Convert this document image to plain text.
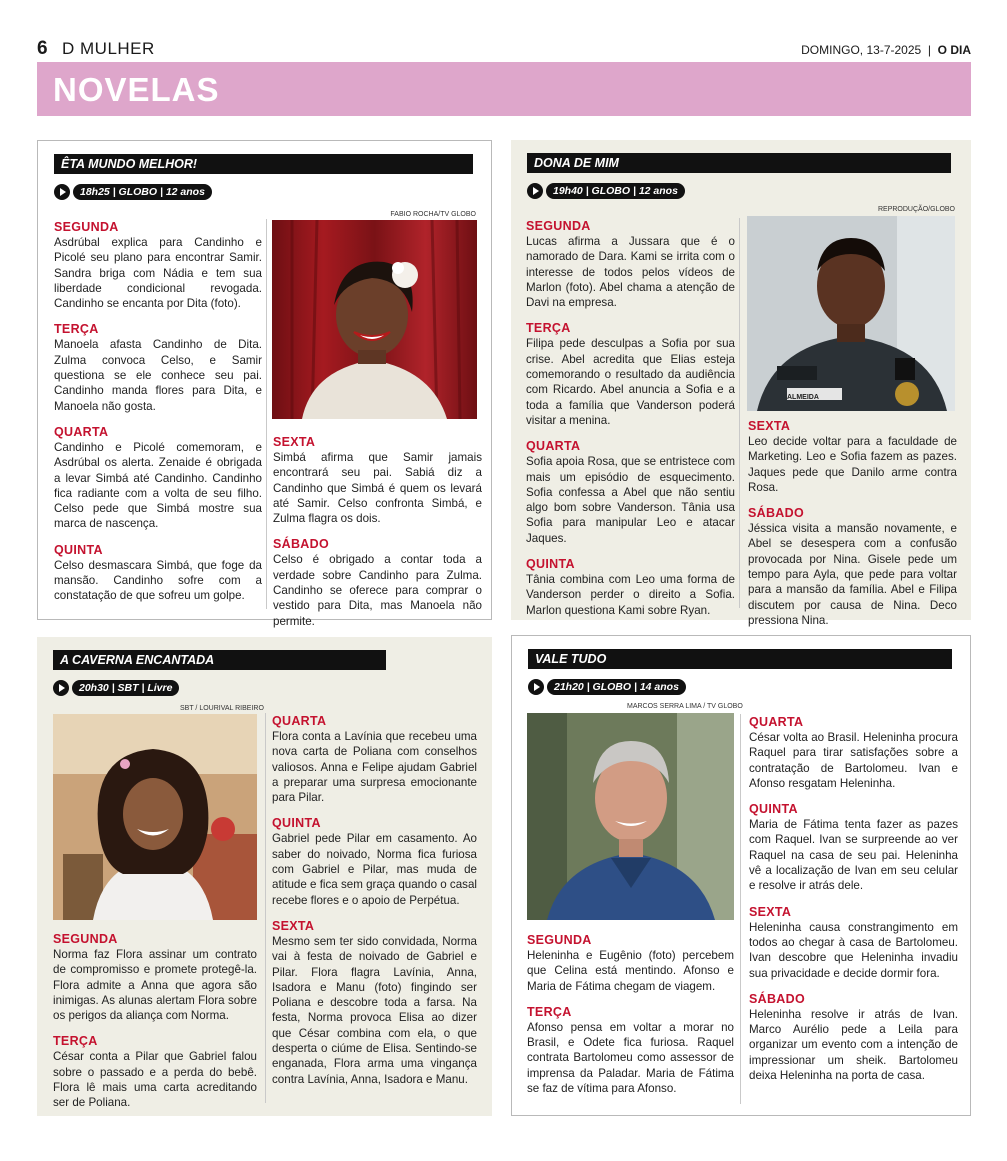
6 D MULHER	DOMINGO, 13-7-2025 | O DIA
NOVELAS
ÊTA MUNDO MELHOR!
18h25 | GLOBO | 12 anos
SEGUNDA
Asdrúbal explica para Candinho e Picolé seu plano para encontrar Samir. Sandra briga com Nádia e tem sua liberdade condicional revogada. Candinho se encanta por Dita (foto).
TERÇA
Manoela afasta Candinho de Dita. Zulma convoca Celso, e Samir questiona se ele conhece seu pai. Candinho manda flores para Dita, e Manoela não gosta.
QUARTA
Candinho e Picolé comemoram, e Asdrúbal os alerta. Zenaide é obrigada a levar Simbá até Candinho. Candinho fica radiante com a volta de seu filho. Celso pede que Simbá mostre sua marca de nascença.
QUINTA
Celso desmascara Simbá, que foge da mansão. Candinho sofre com a constatação de que sofreu um golpe.
FABIO ROCHA/TV GLOBO
SEXTA
Simbá afirma que Samir jamais encontrará seu pai. Sabiá diz a Candinho que Simbá é quem os levará até Samir. Celso confronta Simbá, e Zulma flagra os dois.
SÁBADO
Celso é obrigado a contar toda a verdade sobre Candinho para Zulma. Candinho se oferece para comprar o vestido para Dita, mas Manoela não permite.
DONA DE MIM
19h40 | GLOBO | 12 anos
SEGUNDA
Lucas afirma a Jussara que é o namorado de Dara. Kami se irrita com o interesse de todos pelos vídeos de Marlon (foto). Abel chama a atenção de Davi na empresa.
TERÇA
Filipa pede desculpas a Sofia por sua crise. Abel acredita que Elias esteja comemorando o resultado da audiência com Ricardo. Abel anuncia a Sofia e a toda a família que Vanderson poderá visitar a menina.
QUARTA
Sofia apoia Rosa, que se entristece com mais um episódio de esquecimento. Sofia confessa a Abel que não sentiu algo bom sobre Vanderson. Tânia usa Sofia para manipular Leo e atacar Jaques.
QUINTA
Tânia combina com Leo uma forma de Vanderson perder o direito a Sofia. Marlon questiona Kami sobre Ryan.
REPRODUÇÃO/GLOBO
ALMEIDA
SEXTA
Leo decide voltar para a faculdade de Marketing. Leo e Sofia fazem as pazes. Jaques pede que Danilo arme contra Rosa.
SÁBADO
Jéssica visita a mansão novamente, e Abel se desespera com a confusão provocada por Nina. Gisele pede um tempo para Ayla, que pede para voltar para a mansão da família. Abel e Filipa discutem por causa de Nina. Deco pressiona Nina.
A CAVERNA ENCANTADA
20h30 | SBT | Livre
SBT / LOURIVAL RIBEIRO
SEGUNDA
Norma faz Flora assinar um contrato de compromisso e promete protegê-la. Flora admite a Anna que agora são inimigas. As alunas alertam Flora sobre os perigos da aliança com Norma.
TERÇA
César conta a Pilar que Gabriel falou sobre o passado e a perda do bebê. Flora lê mais uma carta acreditando ser de Poliana.
QUARTA
Flora conta a Lavínia que recebeu uma nova carta de Poliana com conselhos valiosos. Anna e Felipe ajudam Gabriel a preparar uma surpresa emocionante para Pilar.
QUINTA
Gabriel pede Pilar em casamento. Ao saber do noivado, Norma fica furiosa com Gabriel e Pilar, mas muda de atitude e fica sem graça quando o casal recebe flores e o apoio de Perpétua.
SEXTA
Mesmo sem ter sido convidada, Norma vai à festa de noivado de Gabriel e Pilar. Flora flagra Lavínia, Anna, Isadora e Manu (foto) fingindo ser Poliana e descobre toda a farsa. Na festa, Norma provoca Elisa ao dizer que César combina com ela, o que desperta o ciúme de Elisa. Sentindo-se enganada, Flora arma uma vingança contra Lavínia, Anna, Isadora e Manu.
VALE TUDO
21h20 | GLOBO | 14 anos
MARCOS SERRA LIMA / TV GLOBO
SEGUNDA
Heleninha e Eugênio (foto) percebem que Celina está mentindo. Afonso e Maria de Fátima chegam de viagem.
TERÇA
Afonso pensa em voltar a morar no Brasil, e Odete fica furiosa. Raquel contrata Bartolomeu como assessor de imprensa da Paladar. Maria de Fátima se faz de vítima para Afonso.
QUARTA
César volta ao Brasil. Heleninha procura Raquel para tirar satisfações sobre a contratação de Bartolomeu. Ivan e Afonso resgatam Heleninha.
QUINTA
Maria de Fátima tenta fazer as pazes com Raquel. Ivan se surpreende ao ver Raquel na casa de seu pai. Heleninha vê a localização de Ivan em seu celular e resolve ir atrás dele.
SEXTA
Heleninha causa constrangimento em todos ao chegar à casa de Bartolomeu. Ivan descobre que Heleninha invadiu sua privacidade e decide dormir fora.
SÁBADO
Heleninha resolve ir atrás de Ivan. Marco Aurélio pede a Leila para organizar um evento com a intenção de impressionar um sheik. Bartolomeu deixa Heleninha na porta de casa.
